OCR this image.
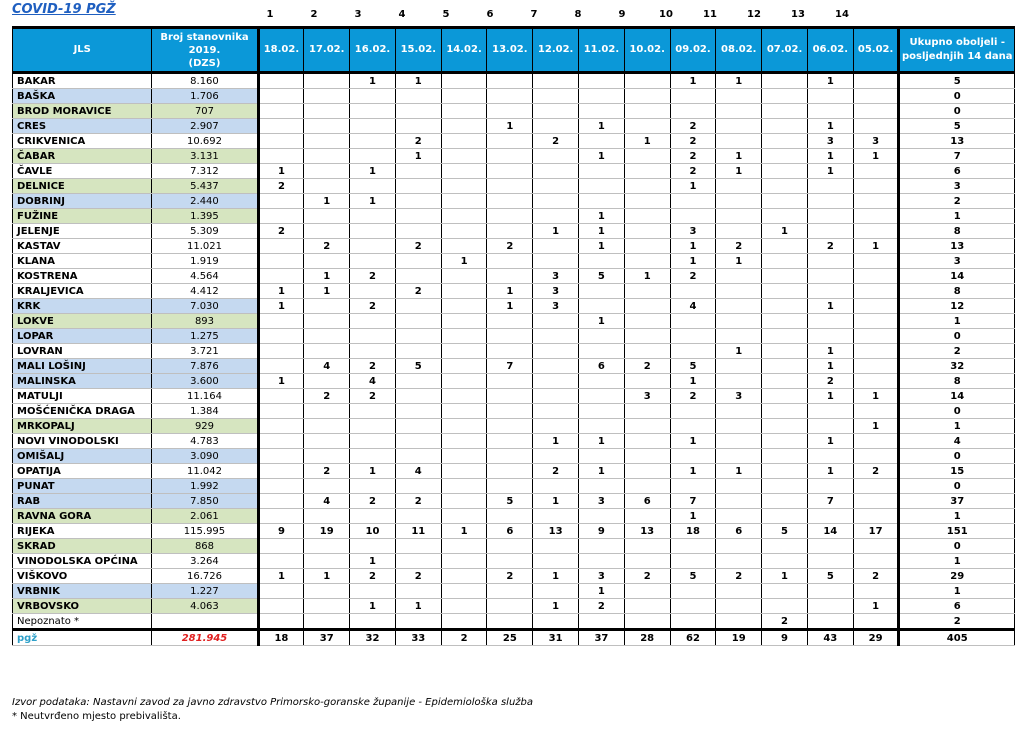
COVID-19 PGŽ	1	2	3	4	5	6	7	8	9	10	11	12	13	14
JLS	Broj stanovnika
2019.
(DZS)	18.02.	17.02.	16.02.	15.02.	14.02.	13.02.	12.02.	11.02.	10.02.	09.02.	08.02.	07.02.	06.02.	05.02.	Ukupno oboljeli -
posljednjih 14 dana
BAKAR	8.160			1	1						1	1		1		5
BAŠKA	1.706															0
BROD MORAVICE	707															0
CRES	2.907						1		1		2			1		5
CRIKVENICA	10.692				2			2		1	2			3	3	13
ČABAR	3.131				1				1		2	1		1	1	7
ČAVLE	7.312	1		1							2	1		1		6
DELNICE	5.437	2									1					3
DOBRINJ	2.440		1	1												2
FUŽINE	1.395								1							1
JELENJE	5.309	2						1	1		3		1			8
KASTAV	11.021		2		2		2		1		1	2		2	1	13
KLANA	1.919					1					1	1				3
KOSTRENA	4.564		1	2				3	5	1	2					14
KRALJEVICA	4.412	1	1		2		1	3								8
KRK	7.030	1		2			1	3			4			1		12
LOKVE	893								1							1
LOPAR	1.275															0
LOVRAN	3.721											1		1		2
MALI LOŠINJ	7.876		4	2	5		7		6	2	5			1		32
MALINSKA	3.600	1		4							1			2		8
MATULJI	11.164		2	2						3	2	3		1	1	14
MOŠĆENIČKA DRAGA	1.384															0
MRKOPALJ	929														1	1
NOVI VINODOLSKI	4.783							1	1		1			1		4
OMIŠALJ	3.090															0
OPATIJA	11.042		2	1	4			2	1		1	1		1	2	15
PUNAT	1.992															0
RAB	7.850		4	2	2		5	1	3	6	7			7		37
RAVNA GORA	2.061										1					1
RIJEKA	115.995	9	19	10	11	1	6	13	9	13	18	6	5	14	17	151
SKRAD	868															0
VINODOLSKA OPĆINA	3.264			1												1
VIŠKOVO	16.726	1	1	2	2		2	1	3	2	5	2	1	5	2	29
VRBNIK	1.227								1							1
VRBOVSKO	4.063			1	1			1	2						1	6
Nepoznato *													2			2
pgž	281.945	18	37	32	33	2	25	31	37	28	62	19	9	43	29	405
Izvor podataka: Nastavni zavod za javno zdravstvo Primorsko-goranske županije - Epidemiološka služba
* Neutvrđeno mjesto prebivališta.
